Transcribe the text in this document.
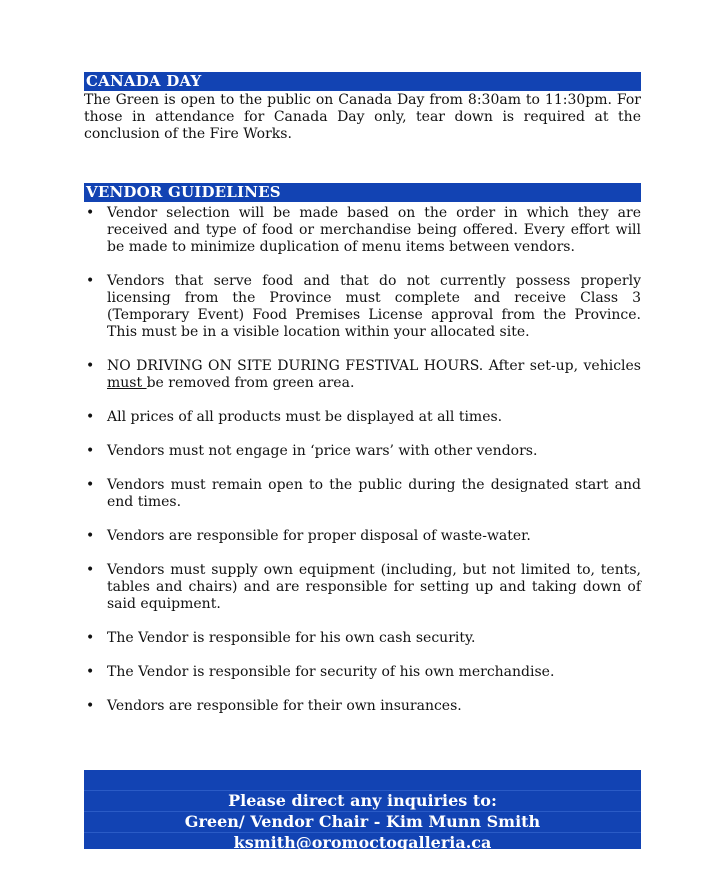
CANADA DAY

The Green is open to the public on Canada Day from 8:30am to 11:30pm. For those in attendance for Canada Day only, tear down is required at the conclusion of the Fire Works.

VENDOR GUIDELINES
• Vendor selection will be made based on the order in which they are received and type of food or merchandise being offered. Every effort will be made to minimize duplication of menu items between vendors.
• Vendors that serve food and that do not currently possess properly licensing from the Province must complete and receive Class 3 (Temporary Event) Food Premises License approval from the Province. This must be in a visible location within your allocated site.
• NO DRIVING ON SITE DURING FESTIVAL HOURS. After set-up, vehicles must be removed from green area.
• All prices of all products must be displayed at all times.
• Vendors must not engage in ‘price wars’ with other vendors.
• Vendors must remain open to the public during the designated start and end times.
• Vendors are responsible for proper disposal of waste-water.
• Vendors must supply own equipment (including, but not limited to, tents, tables and chairs) and are responsible for setting up and taking down of said equipment.
• The Vendor is responsible for his own cash security.
• The Vendor is responsible for security of his own merchandise.
• Vendors are responsible for their own insurances.
Please direct any inquiries to:
Green/ Vendor Chair - Kim Munn Smith
ksmith@oromoctogalleria.ca
